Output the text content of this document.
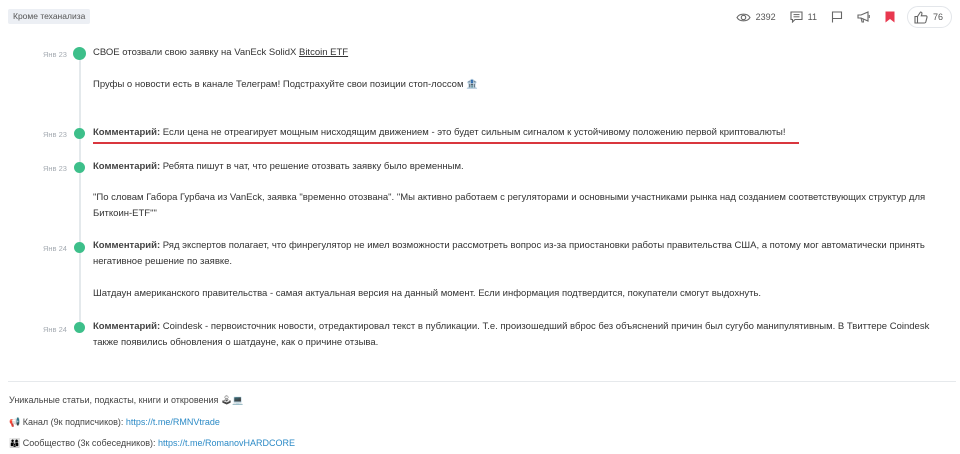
Кроме теханализа	2392	11	76
Янв 23	СВОЕ отозвали свою заявку на VanEck SolidX Bitcoin ETF
Пруфы о новости есть в канале Телеграм! Подстрахуйте свои позиции стоп-лоссом 🏦
Янв 23	Комментарий: Если цена не отреагирует мощным нисходящим движением - это будет сильным сигналом к устойчивому положению первой криптовалюты!
Янв 23	Комментарий: Ребята пишут в чат, что решение отозвать заявку было временным.
"По словам Габора Гурбача из VanEck, заявка "временно отозвана". "Мы активно работаем с регуляторами и основными участниками рынка над созданием соответствующих структур для Биткоин-ETF""
Янв 24	Комментарий: Ряд экспертов полагает, что финрегулятор не имел возможности рассмотреть вопрос из-за приостановки работы правительства США, а потому мог автоматически принять негативное решение по заявке.
Шатдаун американского правительства - самая актуальная версия на данный момент. Если информация подтвердится, покупатели смогут выдохнуть.
Янв 24	Комментарий: Coindesk - первоисточник новости, отредактировал текст в публикации. Т.е. произошедший вброс без объяснений причин был сугубо манипулятивным. В Твиттере Coindesk также появились обновления о шатдауне, как о причине отзыва.
Уникальные статьи, подкасты, книги и откровения 🕹💻
📢 Канал (9к подписчиков): https://t.me/RMNVtrade
👨‍👩‍👦 Сообщество (3к собеседников): https://t.me/RomanovHARDCORE
